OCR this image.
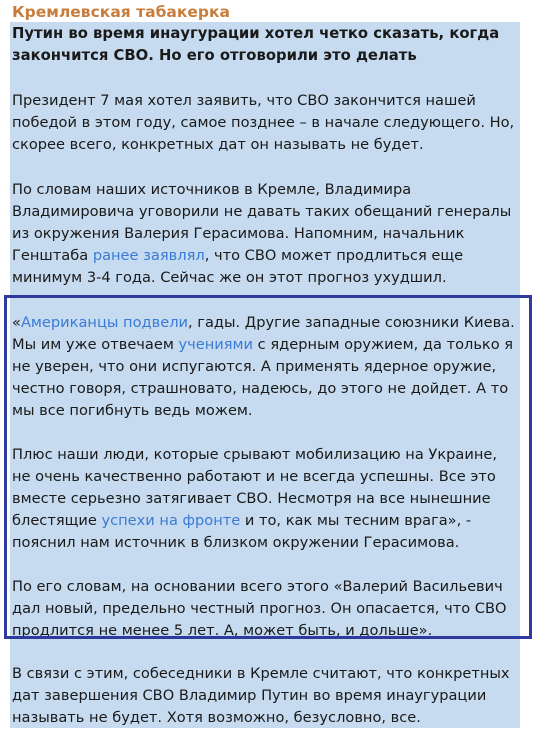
Кремлевская табакерка
Путин во время инаугурации хотел четко сказать, когда
закончится СВО. Но его отговорили это делать
Президент 7 мая хотел заявить, что СВО закончится нашей
победой в этом году, самое позднее – в начале следующего. Но,
скорее всего, конкретных дат он называть не будет.
По словам наших источников в Кремле, Владимира
Владимировича уговорили не давать таких обещаний генералы
из окружения Валерия Герасимова. Напомним, начальник
Генштаба ранее заявлял, что СВО может продлиться еще
минимум 3-4 года. Сейчас же он этот прогноз ухудшил.
«Американцы подвели, гады. Другие западные союзники Киева.
Мы им уже отвечаем учениями с ядерным оружием, да только я
не уверен, что они испугаются. А применять ядерное оружие,
честно говоря, страшновато, надеюсь, до этого не дойдет. А то
мы все погибнуть ведь можем.
Плюс наши люди, которые срывают мобилизацию на Украине,
не очень качественно работают и не всегда успешны. Все это
вместе серьезно затягивает СВО. Несмотря на все нынешние
блестящие успехи на фронте и то, как мы тесним врага», -
пояснил нам источник в близком окружении Герасимова.
По его словам, на основании всего этого «Валерий Васильевич
дал новый, предельно честный прогноз. Он опасается, что СВО
продлится не менее 5 лет. А, может быть, и дольше».
В связи с этим, собеседники в Кремле считают, что конкретных
дат завершения СВО Владимир Путин во время инаугурации
называть не будет. Хотя возможно, безусловно, все.
